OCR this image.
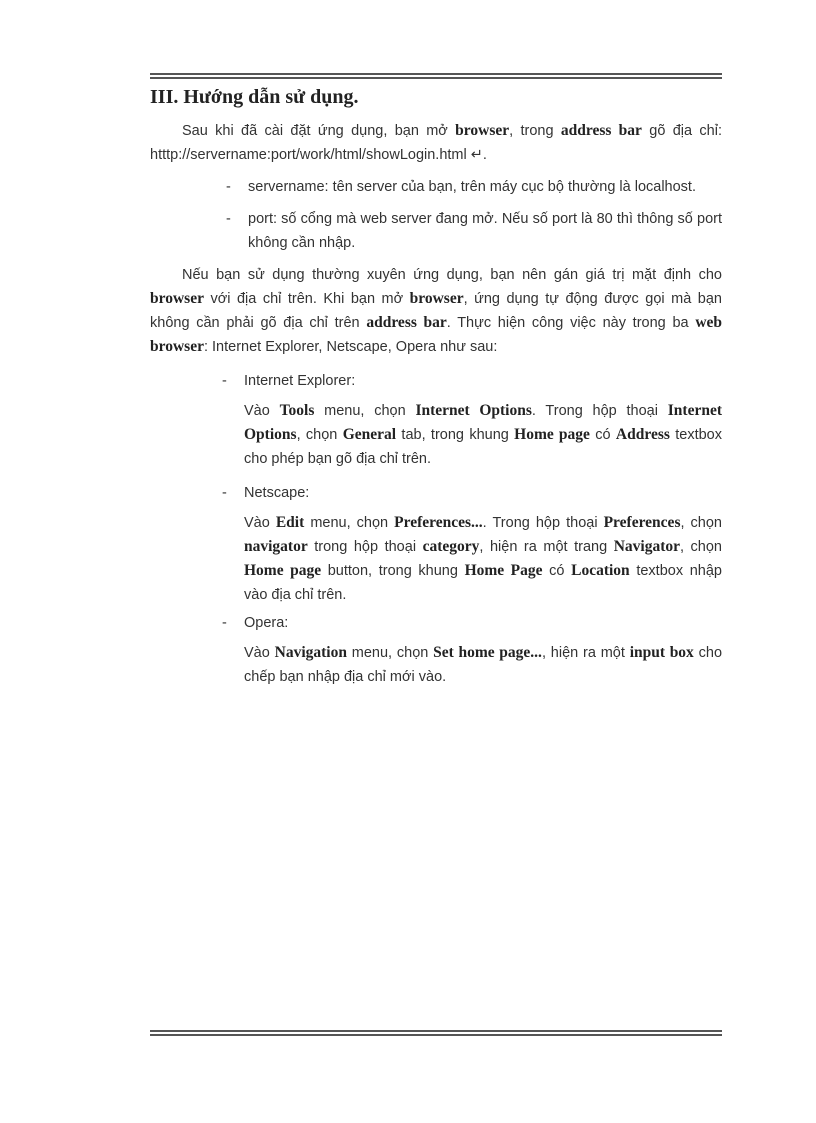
III. Hướng dẫn sử dụng.

Sau khi đã cài đặt ứng dụng, bạn mở browser, trong address bar gõ địa chỉ: htttp://servername:port/work/html/showLogin.html ↵.

- servername: tên server của bạn, trên máy cục bộ thường là localhost.

- port: số cổng mà web server đang mở. Nếu số port là 80 thì thông số port không cần nhập.

Nếu bạn sử dụng thường xuyên ứng dụng, bạn nên gán giá trị mặt định cho browser với địa chỉ trên. Khi bạn mở browser, ứng dụng tự động được gọi mà bạn không cần phải gõ địa chỉ trên address bar. Thực hiện công việc này trong ba web browser: Internet Explorer, Netscape, Opera như sau:

- Internet Explorer:

Vào Tools menu, chọn Internet Options. Trong hộp thoại Internet Options, chọn General tab, trong khung Home page có Address textbox cho phép bạn gõ địa chỉ trên.

- Netscape:

Vào Edit menu, chọn Preferences.... Trong hộp thoại Preferences, chọn navigator trong hộp thoại category, hiện ra một trang Navigator, chọn Home page button, trong khung Home Page có Location textbox nhập vào địa chỉ trên.

- Opera:

Vào Navigation menu, chọn Set home page..., hiện ra một input box cho chếp bạn nhập địa chỉ mới vào.
